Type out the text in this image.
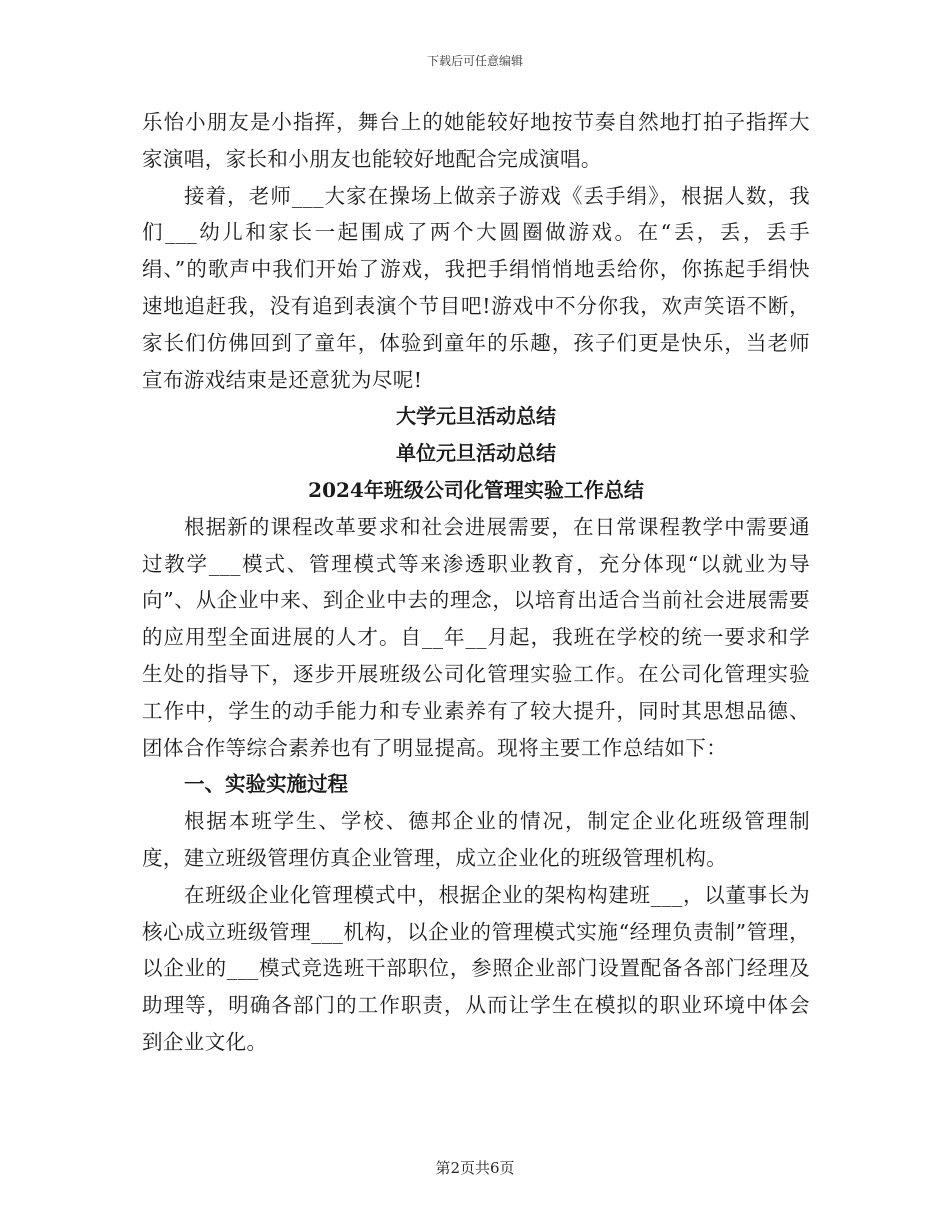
下载后可任意编辑

乐怡小朋友是小指挥，舞台上的她能较好地按节奏自然地打拍子指挥大家演唱，家长和小朋友也能较好地配合完成演唱。

接着，老师___大家在操场上做亲子游戏《丢手绢》，根据人数，我们___幼儿和家长一起围成了两个大圆圈做游戏。在“丢，丢，丢手绢、”的歌声中我们开始了游戏，我把手绢悄悄地丢给你，你拣起手绢快速地追赶我，没有追到表演个节目吧!游戏中不分你我，欢声笑语不断，家长们仿佛回到了童年，体验到童年的乐趣，孩子们更是快乐，当老师宣布游戏结束是还意犹为尽呢!

大学元旦活动总结

单位元旦活动总结

2024年班级公司化管理实验工作总结

根据新的课程改革要求和社会进展需要，在日常课程教学中需要通过教学___模式、管理模式等来渗透职业教育，充分体现“以就业为导向”、从企业中来、到企业中去的理念，以培育出适合当前社会进展需要的应用型全面进展的人才。自__年__月起，我班在学校的统一要求和学生处的指导下，逐步开展班级公司化管理实验工作。在公司化管理实验工作中，学生的动手能力和专业素养有了较大提升，同时其思想品德、团体合作等综合素养也有了明显提高。现将主要工作总结如下：

一、实验实施过程

根据本班学生、学校、德邦企业的情况，制定企业化班级管理制度，建立班级管理仿真企业管理，成立企业化的班级管理机构。

在班级企业化管理模式中，根据企业的架构构建班___，以董事长为核心成立班级管理___机构，以企业的管理模式实施“经理负责制”管理，以企业的___模式竞选班干部职位，参照企业部门设置配备各部门经理及助理等，明确各部门的工作职责，从而让学生在模拟的职业环境中体会到企业文化。

第2页共6页
